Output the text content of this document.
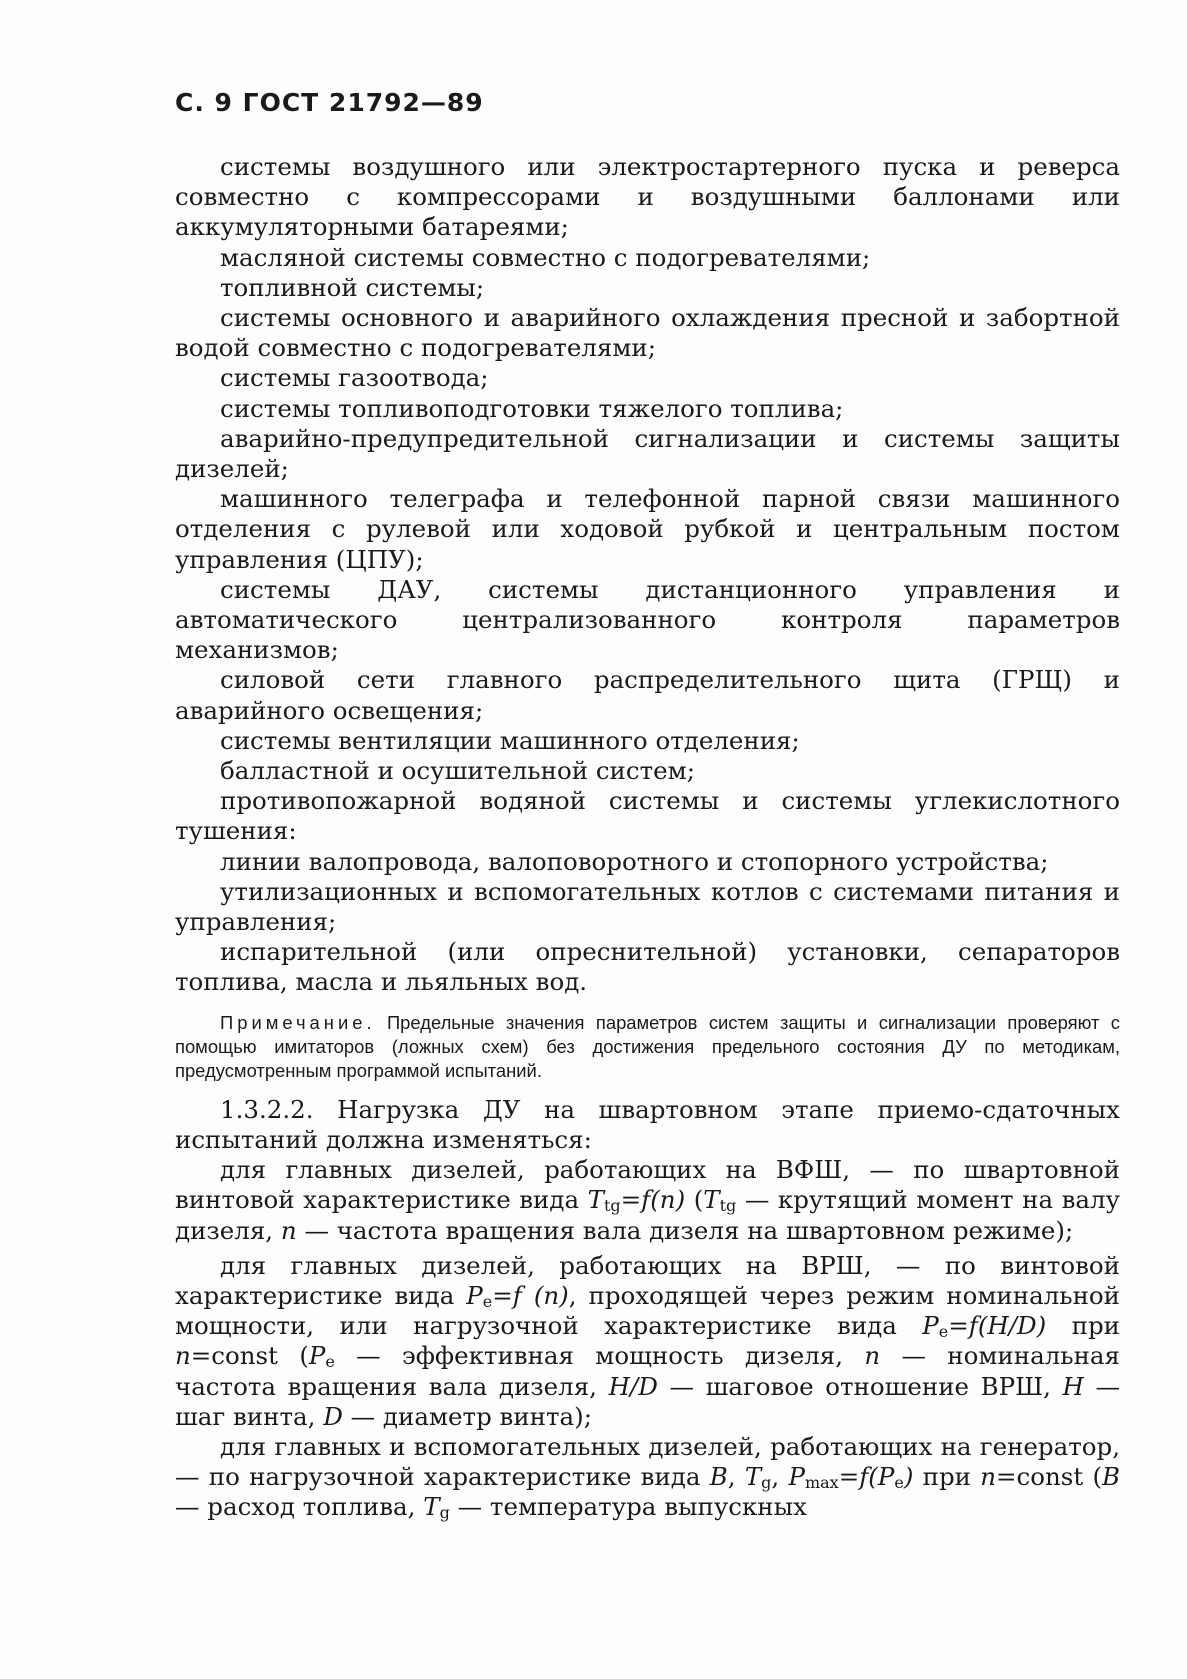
С. 9 ГОСТ 21792—89

системы воздушного или электростартерного пуска и реверса совместно с компрессорами и воздушными баллонами или аккумуляторными батареями;

масляной системы совместно с подогревателями;

топливной системы;

системы основного и аварийного охлаждения пресной и забортной водой совместно с подогревателями;

системы газоотвода;

системы топливоподготовки тяжелого топлива;

аварийно-предупредительной сигнализации и системы защиты дизелей;

машинного телеграфа и телефонной парной связи машинного отделения с рулевой или ходовой рубкой и центральным постом управления (ЦПУ);

системы ДАУ, системы дистанционного управления и автоматического централизованного контроля параметров механизмов;

силовой сети главного распределительного щита (ГРЩ) и аварийного освещения;

системы вентиляции машинного отделения;

балластной и осушительной систем;

противопожарной водяной системы и системы углекислотного тушения:

линии валопровода, валоповоротного и стопорного устройства;

утилизационных и вспомогательных котлов с системами питания и управления;

испарительной (или опреснительной) установки, сепараторов топлива, масла и льяльных вод.

Примечание. Предельные значения параметров систем защиты и сигнализации проверяют с помощью имитаторов (ложных схем) без достижения предельного состояния ДУ по методикам, предусмотренным программой испытаний.

1.3.2.2. Нагрузка ДУ на швартовном этапе приемо-сдаточных испытаний должна изменяться:

для главных дизелей, работающих на ВФШ, — по швартовной винтовой характеристике вида $T_{tg}=f(n)$ ($T_{tg}$ — крутящий момент на валу дизеля, n — частота вращения вала дизеля на швартовном режиме);

для главных дизелей, работающих на ВРШ, — по винтовой характеристике вида $P_e=f$ (n), проходящей через режим номинальной мощности, или нагрузочной характеристике вида $P_e=f(H/D)$ при n=const ($P_e$ — эффективная мощность дизеля, n — номинальная частота вращения вала дизеля, H/D — шаговое отношение ВРШ, H — шаг винта, D — диаметр винта);

для главных и вспомогательных дизелей, работающих на генератор, — по нагрузочной характеристике вида B, $T_g$, $P_{max}=f(P_e)$ при n=const (B — расход топлива, $T_g$ — температура выпускных
